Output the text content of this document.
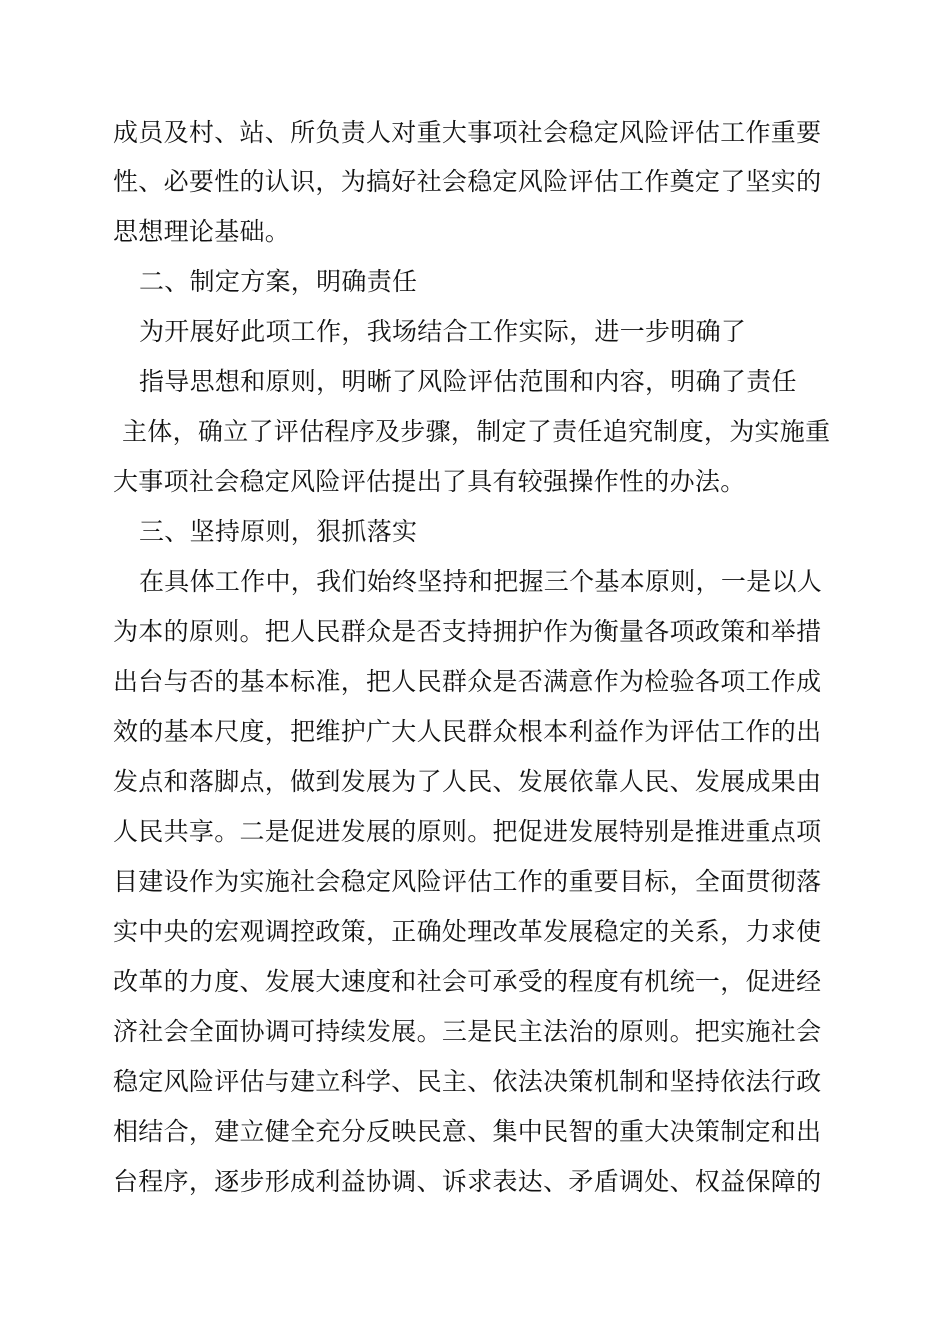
成员及村、站、所负责人对重大事项社会稳定风险评估工作重要
性、必要性的认识，为搞好社会稳定风险评估工作奠定了坚实的
思想理论基础。
二、制定方案，明确责任
为开展好此项工作，我场结合工作实际，进一步明确了
指导思想和原则，明晰了风险评估范围和内容，明确了责任
主体，确立了评估程序及步骤，制定了责任追究制度，为实施重
大事项社会稳定风险评估提出了具有较强操作性的办法。
三、坚持原则，狠抓落实
在具体工作中，我们始终坚持和把握三个基本原则，一是以人
为本的原则。把人民群众是否支持拥护作为衡量各项政策和举措
出台与否的基本标准，把人民群众是否满意作为检验各项工作成
效的基本尺度，把维护广大人民群众根本利益作为评估工作的出
发点和落脚点，做到发展为了人民、发展依靠人民、发展成果由
人民共享。二是促进发展的原则。把促进发展特别是推进重点项
目建设作为实施社会稳定风险评估工作的重要目标，全面贯彻落
实中央的宏观调控政策，正确处理改革发展稳定的关系，力求使
改革的力度、发展大速度和社会可承受的程度有机统一，促进经
济社会全面协调可持续发展。三是民主法治的原则。把实施社会
稳定风险评估与建立科学、民主、依法决策机制和坚持依法行政
相结合，建立健全充分反映民意、集中民智的重大决策制定和出
台程序，逐步形成利益协调、诉求表达、矛盾调处、权益保障的
